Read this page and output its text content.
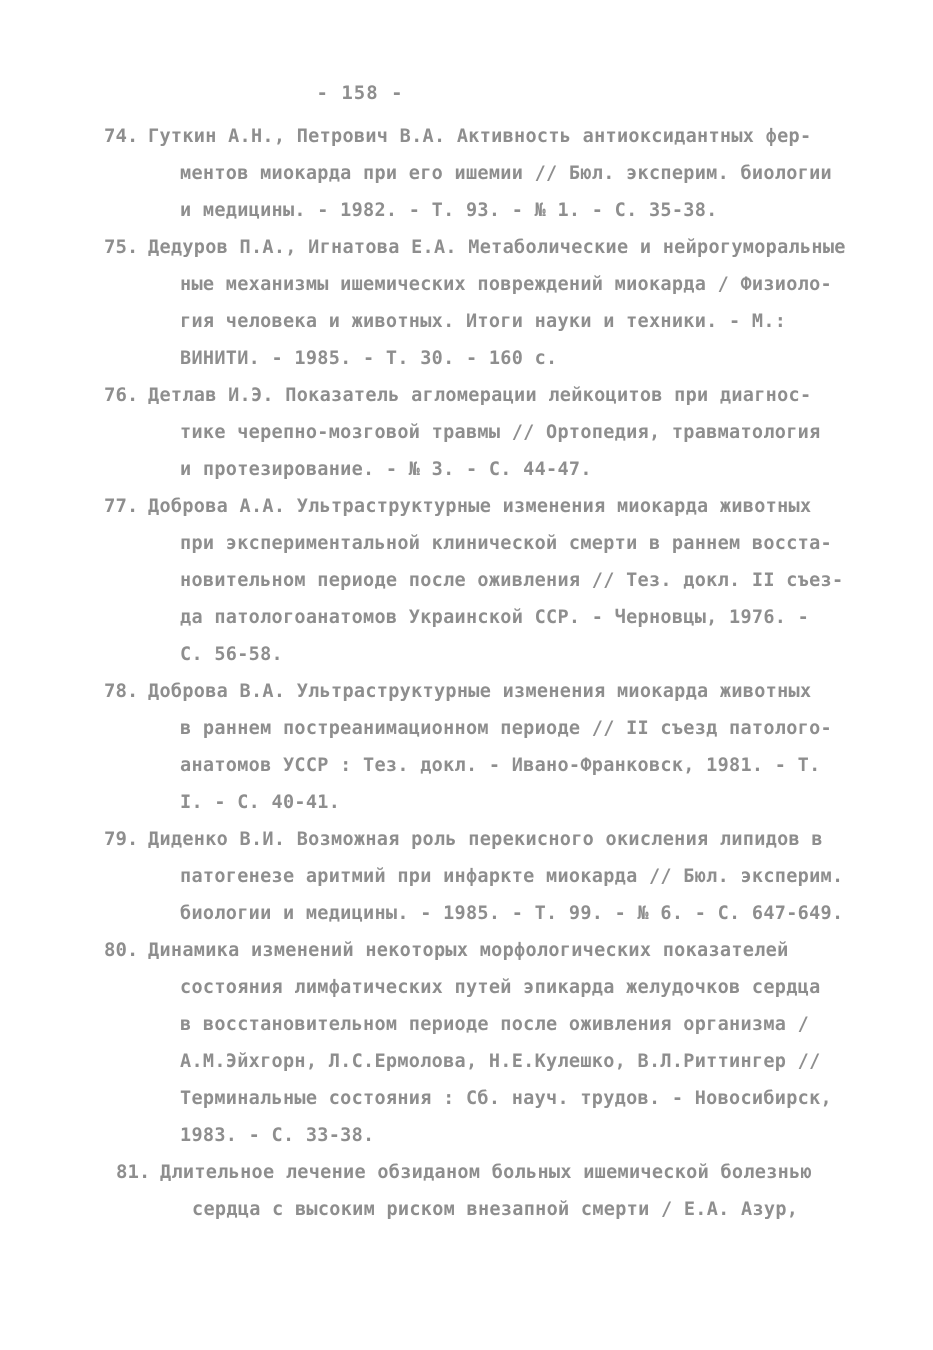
- 158 -
74. Гуткин А.Н., Петрович В.А. Активность антиоксидантных фер-
ментов миокарда при его ишемии // Бюл. эксперим. биологии
и медицины. - 1982. - Т. 93. - № 1. - С. 35-38.
75. Дедуров П.А., Игнатова Е.А. Метаболические и нейрогуморальные
ные механизмы ишемических повреждений миокарда / Физиоло-
гия человека и животных. Итоги науки и техники. - М.:
ВИНИТИ. - 1985. - Т. 30. - 160 с.
76. Детлав И.Э. Показатель агломерации лейкоцитов при диагнос-
тике черепно-мозговой травмы // Ортопедия, травматология
и протезирование. - № 3. - С. 44-47.
77. Доброва А.А. Ультраструктурные изменения миокарда животных
при экспериментальной клинической смерти в раннем восста-
новительном периоде после оживления // Тез. докл. II съез-
да патологоанатомов Украинской ССР. - Черновцы, 1976. -
С. 56-58.
78. Доброва В.А. Ультраструктурные изменения миокарда животных
в раннем постреанимационном периоде // II съезд патолого-
анатомов УССР : Тез. докл. - Ивано-Франковск, 1981. - Т.
I. - С. 40-41.
79. Диденко В.И. Возможная роль перекисного окисления липидов в
патогенезе аритмий при инфаркте миокарда // Бюл. эксперим.
биологии и медицины. - 1985. - Т. 99. - № 6. - С. 647-649.
80. Динамика изменений некоторых морфологических показателей
состояния лимфатических путей эпикарда желудочков сердца
в восстановительном периоде после оживления организма /
А.М.Эйхгорн, Л.С.Ермолова, Н.Е.Кулешко, В.Л.Риттингер //
Терминальные состояния : Сб. науч. трудов. - Новосибирск,
1983. - С. 33-38.
81. Длительное лечение обзиданом больных ишемической болезнью
сердца с высоким риском внезапной смерти / Е.А. Азур,
